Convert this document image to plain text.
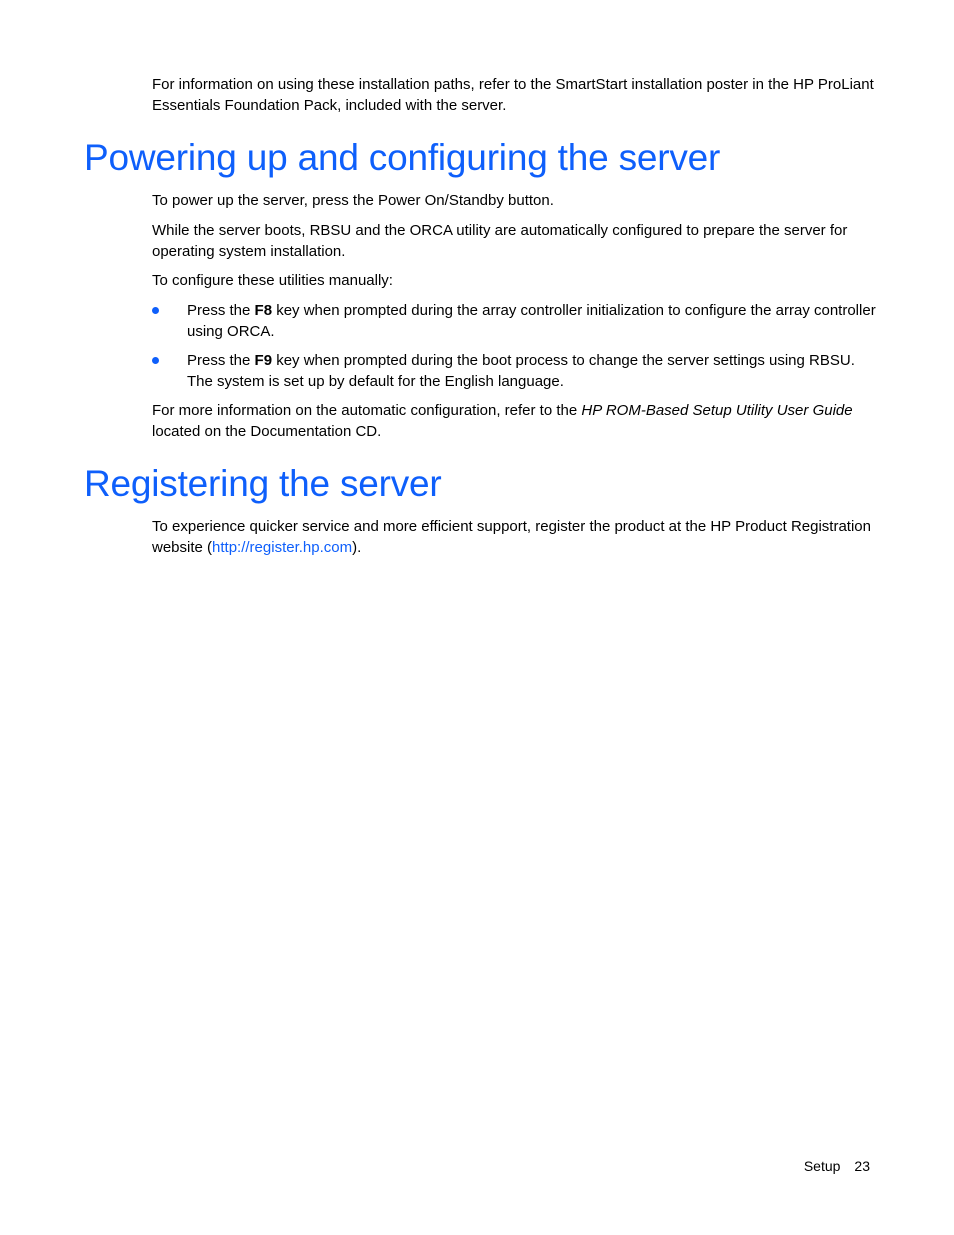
For information on using these installation paths, refer to the SmartStart installation poster in the HP ProLiant Essentials Foundation Pack, included with the server.

Powering up and configuring the server

To power up the server, press the Power On/Standby button.

While the server boots, RBSU and the ORCA utility are automatically configured to prepare the server for operating system installation.

To configure these utilities manually:

Press the F8 key when prompted during the array controller initialization to configure the array controller using ORCA.
Press the F9 key when prompted during the boot process to change the server settings using RBSU. The system is set up by default for the English language.

For more information on the automatic configuration, refer to the HP ROM-Based Setup Utility User Guide located on the Documentation CD.

Registering the server

To experience quicker service and more efficient support, register the product at the HP Product Registration website (http://register.hp.com).

Setup 23
